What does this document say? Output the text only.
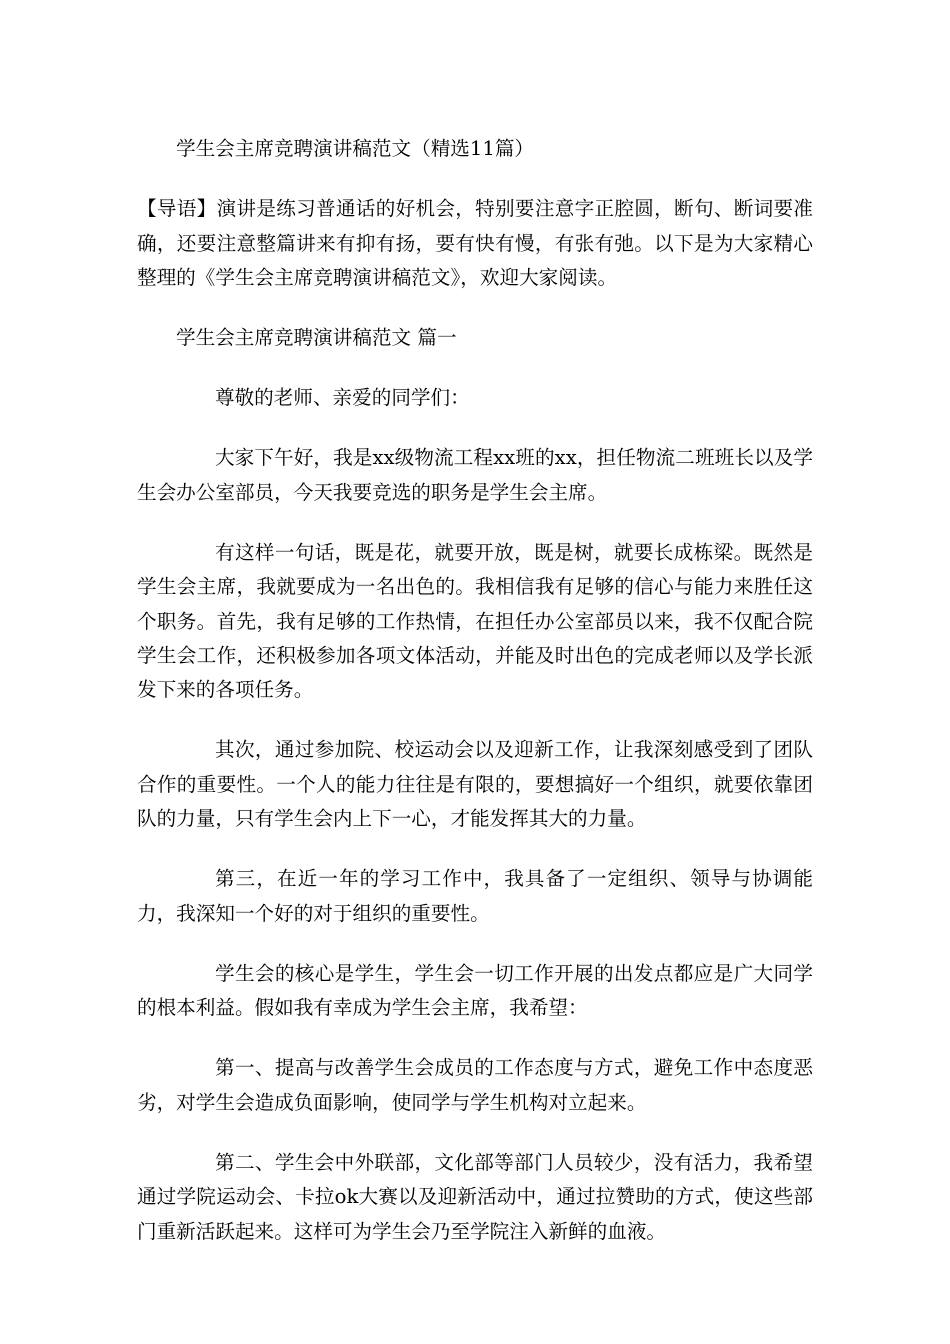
学生会主席竞聘演讲稿范文（精选11篇）

【导语】演讲是练习普通话的好机会，特别要注意字正腔圆，断句、断词要准确，还要注意整篇讲来有抑有扬，要有快有慢，有张有弛。以下是为大家精心整理的《学生会主席竞聘演讲稿范文》，欢迎大家阅读。

学生会主席竞聘演讲稿范文 篇一

尊敬的老师、亲爱的同学们：

大家下午好，我是xx级物流工程xx班的xx，担任物流二班班长以及学生会办公室部员，今天我要竞选的职务是学生会主席。

有这样一句话，既是花，就要开放，既是树，就要长成栋梁。既然是学生会主席，我就要成为一名出色的。我相信我有足够的信心与能力来胜任这个职务。首先，我有足够的工作热情，在担任办公室部员以来，我不仅配合院学生会工作，还积极参加各项文体活动，并能及时出色的完成老师以及学长派发下来的各项任务。

其次，通过参加院、校运动会以及迎新工作，让我深刻感受到了团队合作的重要性。一个人的能力往往是有限的，要想搞好一个组织，就要依靠团队的力量，只有学生会内上下一心，才能发挥其大的力量。

第三，在近一年的学习工作中，我具备了一定组织、领导与协调能力，我深知一个好的对于组织的重要性。

学生会的核心是学生，学生会一切工作开展的出发点都应是广大同学的根本利益。假如我有幸成为学生会主席，我希望：

第一、提高与改善学生会成员的工作态度与方式，避免工作中态度恶劣，对学生会造成负面影响，使同学与学生机构对立起来。

第二、学生会中外联部，文化部等部门人员较少，没有活力，我希望通过学院运动会、卡拉ok大赛以及迎新活动中，通过拉赞助的方式，使这些部门重新活跃起来。这样可为学生会乃至学院注入新鲜的血液。
